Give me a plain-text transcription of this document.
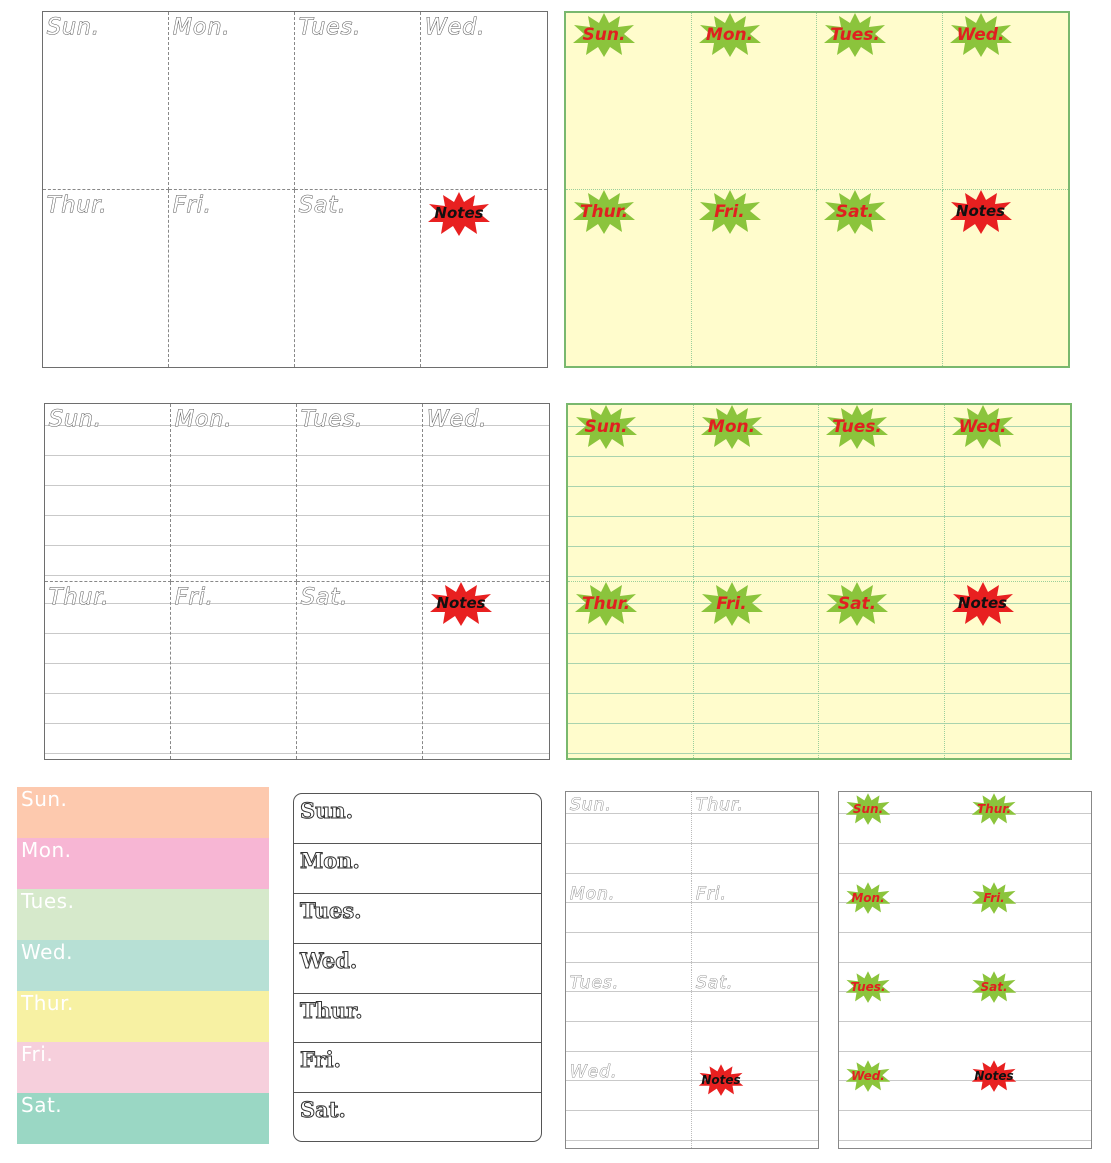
Sun.	Mon.	Tues.	Wed.
Thur.	Fri.	Sat.	Notes
Sun.	Mon.	Tues.	Wed.
Thur.	Fri.	Sat.	Notes
Sun.	Mon.	Tues.	Wed.
Thur.	Fri.	Sat.	Notes
Sun.	Mon.	Tues.	Wed.
Thur.	Fri.	Sat.	Notes
Sun.
Mon.
Tues.
Wed.
Thur.
Fri.
Sat.
Sun.
Mon.
Tues.
Wed.
Thur.
Fri.
Sat.
Sun.	Thur.
Mon.	Fri.
Tues.	Sat.
Wed.	Notes
Sun.	Thur.
Mon.	Fri.
Tues.	Sat.
Wed.	Notes
